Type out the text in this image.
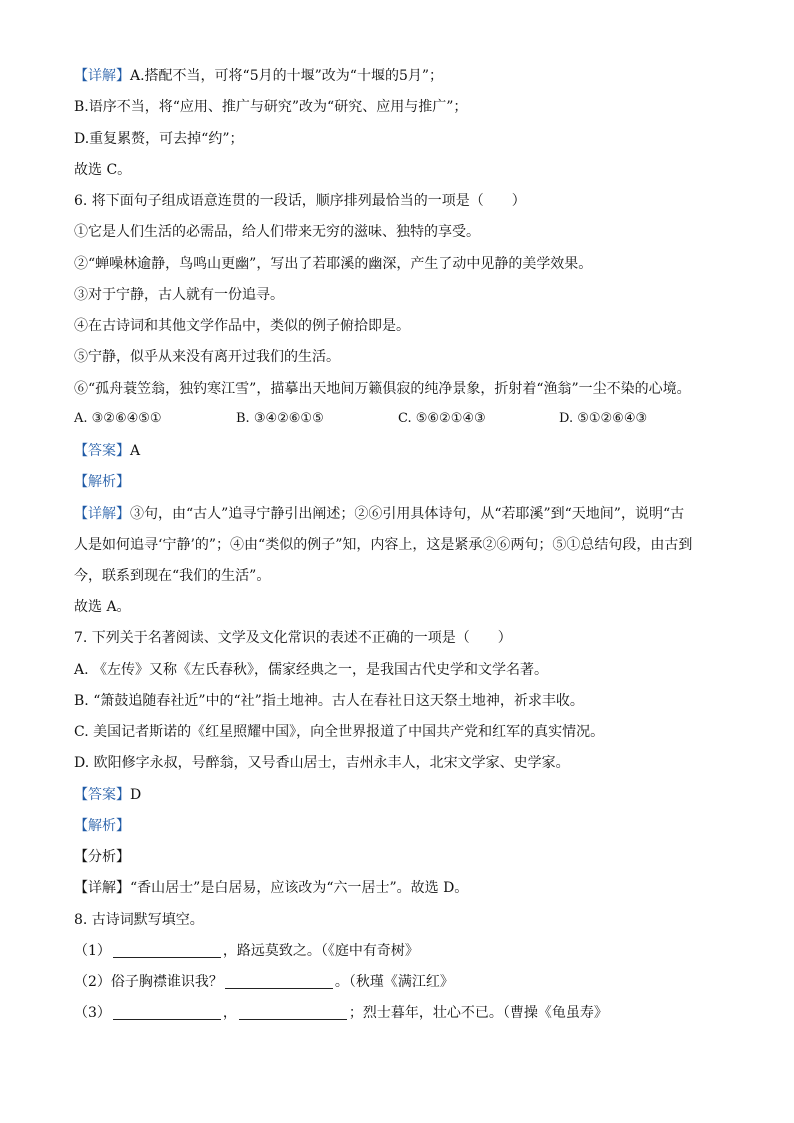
【详解】A.搭配不当，可将“5月的十堰”改为“十堰的5月”；
B.语序不当，将“应用、推广与研究”改为“研究、应用与推广”；
D.重复累赘，可去掉“约”；
故选 C。
6. 将下面句子组成语意连贯的一段话，顺序排列最恰当的一项是（　　）
①它是人们生活的必需品，给人们带来无穷的滋味、独特的享受。
②“蝉噪林逾静，鸟鸣山更幽”，写出了若耶溪的幽深，产生了动中见静的美学效果。
③对于宁静，古人就有一份追寻。
④在古诗词和其他文学作品中，类似的例子俯拾即是。
⑤宁静，似乎从来没有离开过我们的生活。
⑥“孤舟蓑笠翁，独钓寒江雪”，描摹出天地间万籁俱寂的纯净景象，折射着“渔翁”一尘不染的心境。
A. ③②⑥④⑤①	B. ③④②⑥①⑤	C. ⑤⑥②①④③	D. ⑤①②⑥④③
【答案】A
【解析】
【详解】③句，由“古人”追寻宁静引出阐述；②⑥引用具体诗句，从“若耶溪”到“天地间”，说明“古
人是如何追寻‘宁静’的”；④由“类似的例子”知，内容上，这是紧承②⑥两句；⑤①总结句段，由古到
今，联系到现在“我们的生活”。
故选 A。
7. 下列关于名著阅读、文学及文化常识的表述不正确的一项是（　　）
A. 《左传》又称《左氏春秋》，儒家经典之一，是我国古代史学和文学名著。
B. “箫鼓追随春社近”中的“社”指土地神。古人在春社日这天祭土地神，祈求丰收。
C. 美国记者斯诺的《红星照耀中国》，向全世界报道了中国共产党和红军的真实情况。
D. 欧阳修字永叔，号醉翁，又号香山居士，吉州永丰人，北宋文学家、史学家。
【答案】D
【解析】
【分析】
【详解】“香山居士”是白居易，应该改为“六一居士”。故选 D。
8. 古诗词默写填空。
（1）	，路远莫致之。（《庭中有奇树》
（2）俗子胸襟谁识我？	。（秋瑾《满江红》
（3）	，	；烈士暮年，壮心不已。（曹操《龟虽寿》
